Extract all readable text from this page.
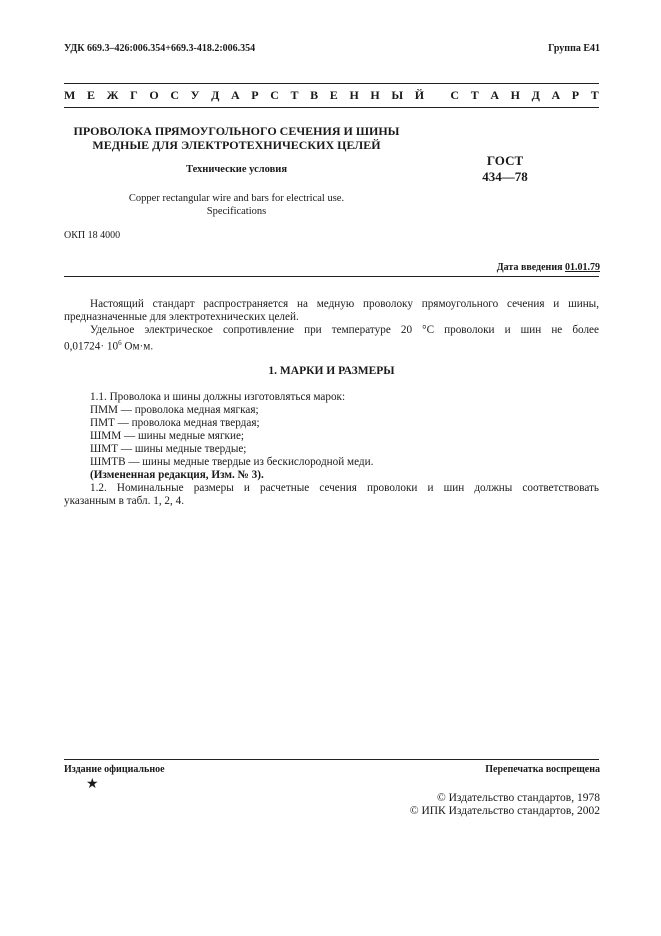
УДК 669.3–426:006.354+669.3-418.2:006.354	Группа Е41
М Е Ж Г О С У Д А Р С Т В Е Н Н Ы Й
С Т А Н Д А Р Т
ПРОВОЛОКА ПРЯМОУГОЛЬНОГО СЕЧЕНИЯ И ШИНЫ
МЕДНЫЕ ДЛЯ ЭЛЕКТРОТЕХНИЧЕСКИХ ЦЕЛЕЙ
Технические условия
Copper rectangular wire and bars for electrical use.
Specifications
ГОСТ
434—78
ОКП 18 4000
Дата введения 01.01.79

Настоящий стандарт распространяется на медную проволоку прямоугольного сечения и шины,

предназначенные для электротехнических целей.

Удельное электрическое сопротивление при температуре 20 °С проволоки и шин не более

$0,01724\cdot 10^6$ Ом·м.

1. МАРКИ И РАЗМЕРЫ

1.1. Проволока и шины должны изготовляться марок:

ПММ — проволока медная мягкая;

ПМТ — проволока медная твердая;

ШММ — шины медные мягкие;

ШМТ — шины медные твердые;

ШМТВ — шины медные твердые из бескислородной меди.

(Измененная редакция, Изм. № 3).

1.2. Номинальные размеры и расчетные сечения проволоки и шин должны соответствовать

указанным в табл. 1, 2, 4.

Издание официальное	Перепечатка воспрещена
★
© Издательство стандартов, 1978
© ИПК Издательство стандартов, 2002
